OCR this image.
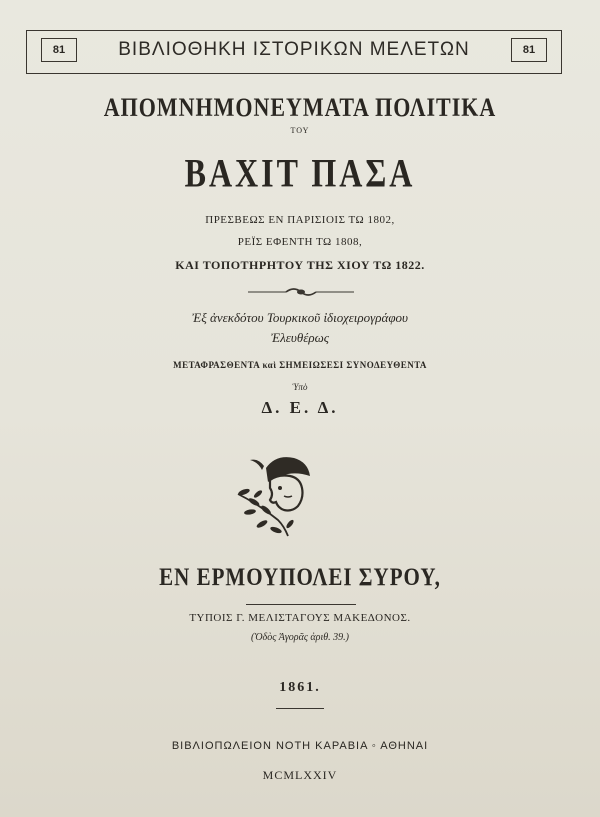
81	ΒΙΒΛΙΟΘΗΚΗ ΙΣΤΟΡΙΚΩΝ ΜΕΛΕΤΩΝ	81
ΑΠΟΜΝΗΜΟΝΕΥΜΑΤΑ ΠΟΛΙΤΙΚΑ
ΤΟΥ
ΒΑΧΙΤ ΠΑΣΑ
ΠΡΕΣΒΕΩΣ ΕΝ ΠΑΡΙΣΙΟΙΣ ΤΩ 1802,
ΡΕΪΣ ΕΦΕΝΤΗ ΤΩ 1808,
ΚΑΙ ΤΟΠΟΤΗΡΗΤΟΥ ΤΗΣ ΧΙΟΥ ΤΩ 1822.
Ἐξ ἀνεκδότου Τουρκικοῦ ἰδιοχειρογράφου
Ἐλευθέρως
ΜΕΤΑΦΡΑΣΘΕΝΤΑ καὶ ΣΗΜΕΙΩΣΕΣΙ ΣΥΝΟΔΕΥΘΕΝΤΑ
Ὑπὸ
Δ. Ε. Δ.
ΕΝ ΕΡΜΟΥΠΟΛΕΙ ΣΥΡΟΥ,
ΤΥΠΟΙΣ Γ. ΜΕΛΙΣΤΑΓΟΥΣ ΜΑΚΕΔΟΝΟΣ.
(Ὁδὸς Ἀγορᾶς ἀριθ. 39.)
1861.
ΒΙΒΛΙΟΠΩΛΕΙΟΝ ΝΟΤΗ ΚΑΡΑΒΙΑ ◦ ΑΘΗΝΑΙ
MCMLXXIV
